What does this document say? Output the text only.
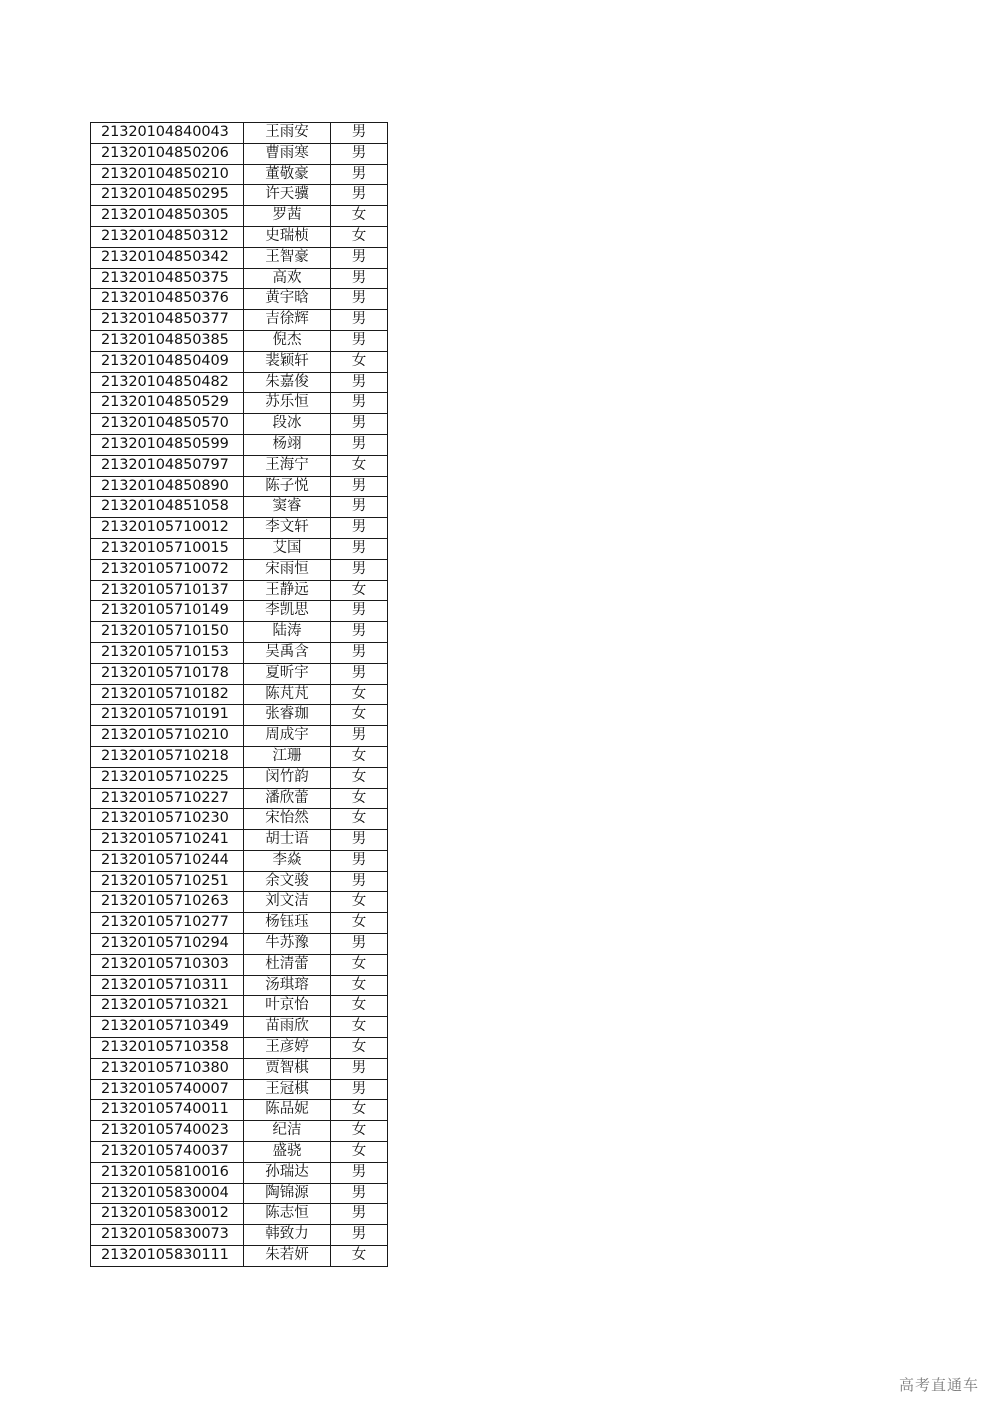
21320104840043	王雨安	男
21320104850206	曹雨寒	男
21320104850210	董敬豪	男
21320104850295	许天骥	男
21320104850305	罗茜	女
21320104850312	史瑞桢	女
21320104850342	王智豪	男
21320104850375	高欢	男
21320104850376	黄宇晗	男
21320104850377	吉徐辉	男
21320104850385	倪杰	男
21320104850409	裴颖轩	女
21320104850482	朱嘉俊	男
21320104850529	苏乐恒	男
21320104850570	段冰	男
21320104850599	杨翊	男
21320104850797	王海宁	女
21320104850890	陈子悦	男
21320104851058	窦睿	男
21320105710012	李文轩	男
21320105710015	艾国	男
21320105710072	宋雨恒	男
21320105710137	王静远	女
21320105710149	李凯思	男
21320105710150	陆涛	男
21320105710153	吴禹含	男
21320105710178	夏昕宇	男
21320105710182	陈芃芃	女
21320105710191	张睿珈	女
21320105710210	周成宇	男
21320105710218	江珊	女
21320105710225	闵竹韵	女
21320105710227	潘欣蕾	女
21320105710230	宋怡然	女
21320105710241	胡士语	男
21320105710244	李焱	男
21320105710251	余文骏	男
21320105710263	刘文洁	女
21320105710277	杨钰珏	女
21320105710294	牛苏豫	男
21320105710303	杜清蕾	女
21320105710311	汤琪瑢	女
21320105710321	叶京怡	女
21320105710349	苗雨欣	女
21320105710358	王彦婷	女
21320105710380	贾智棋	男
21320105740007	王冠棋	男
21320105740011	陈品妮	女
21320105740023	纪洁	女
21320105740037	盛骁	女
21320105810016	孙瑞达	男
21320105830004	陶锦源	男
21320105830012	陈志恒	男
21320105830073	韩致力	男
21320105830111	朱若妍	女
高考直通车
